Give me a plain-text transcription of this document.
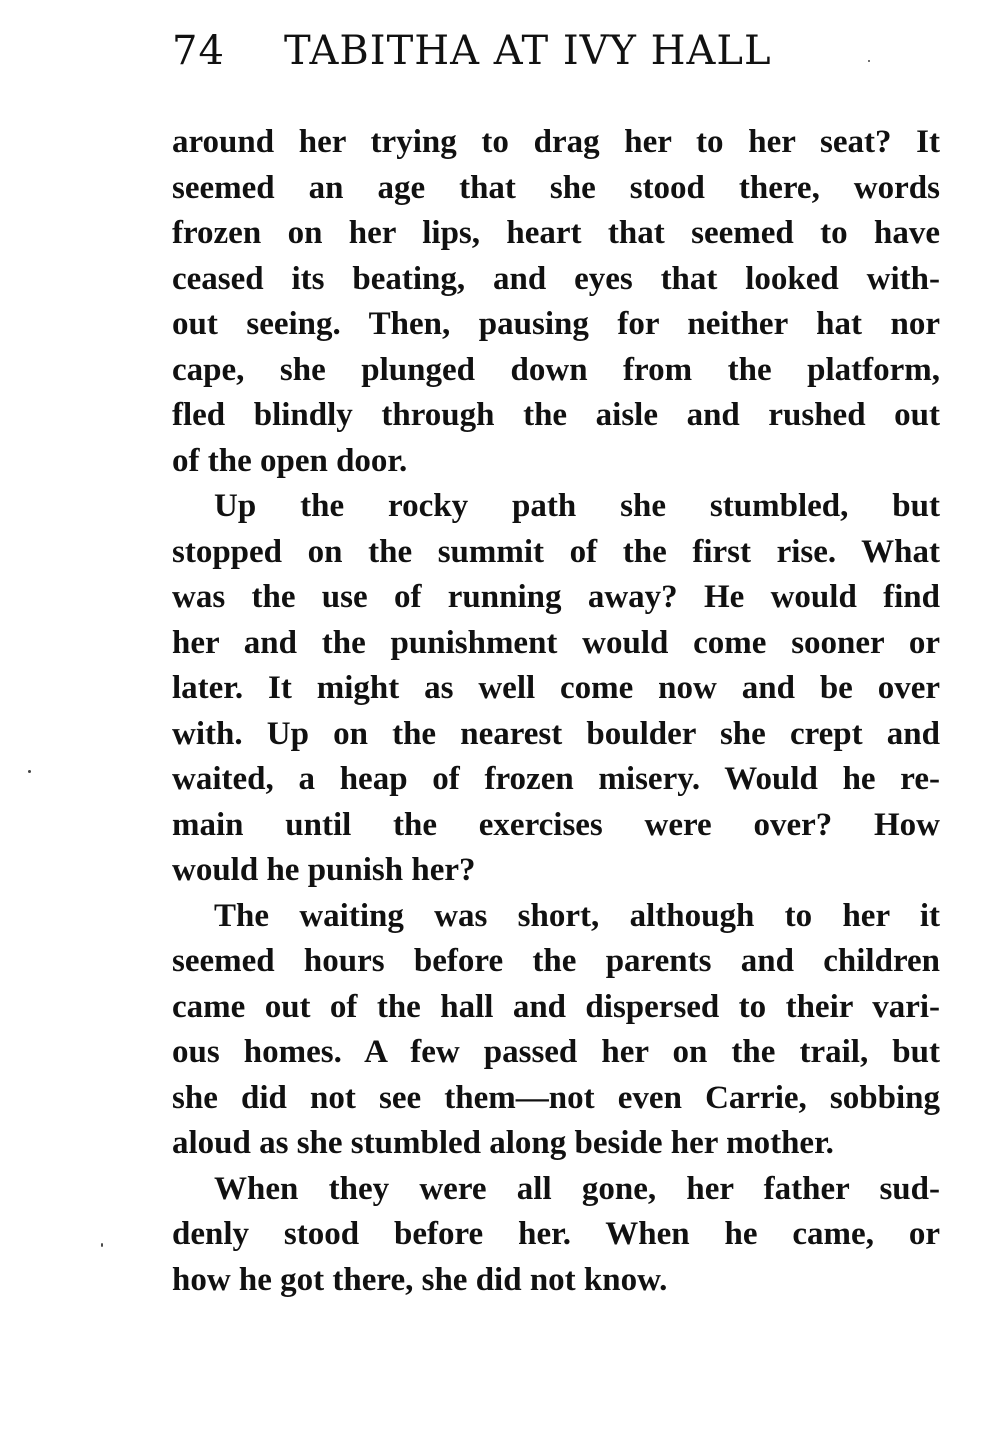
74 TABITHA AT IVY HALL
around her trying to drag her to her seat? It
seemed an age that she stood there, words
frozen on her lips, heart that seemed to have
ceased its beating, and eyes that looked with-
out seeing. Then, pausing for neither hat nor
cape, she plunged down from the platform,
fled blindly through the aisle and rushed out
of the open door.
Up the rocky path she stumbled, but
stopped on the summit of the first rise. What
was the use of running away? He would find
her and the punishment would come sooner or
later. It might as well come now and be over
with. Up on the nearest boulder she crept and
waited, a heap of frozen misery. Would he re-
main until the exercises were over? How
would he punish her?
The waiting was short, although to her it
seemed hours before the parents and children
came out of the hall and dispersed to their vari-
ous homes. A few passed her on the trail, but
she did not see them—not even Carrie, sobbing
aloud as she stumbled along beside her mother.
When they were all gone, her father sud-
denly stood before her. When he came, or
how he got there, she did not know.
